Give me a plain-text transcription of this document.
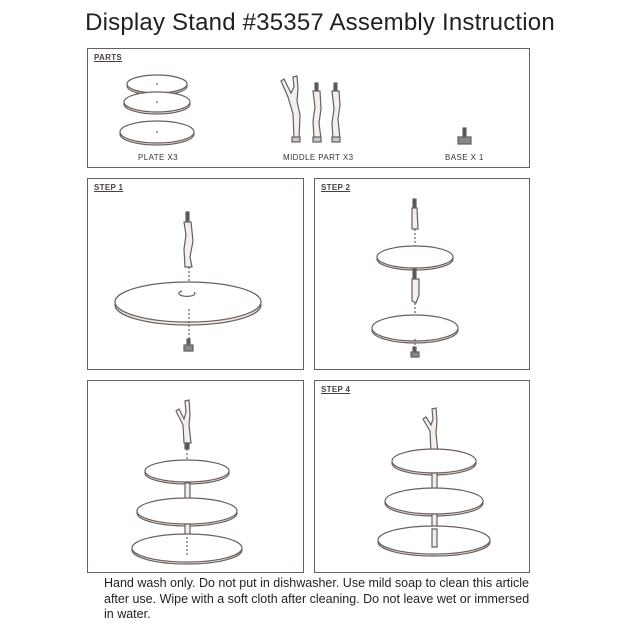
Display Stand #35357 Assembly Instruction
PARTS
PLATE X3	MIDDLE PART X3	BASE X 1
STEP 1	STEP 2
STEP 4
Hand wash only. Do not put in dishwasher. Use mild soap to clean this article after use. Wipe with a soft cloth after cleaning. Do not leave wet or immersed in water.
